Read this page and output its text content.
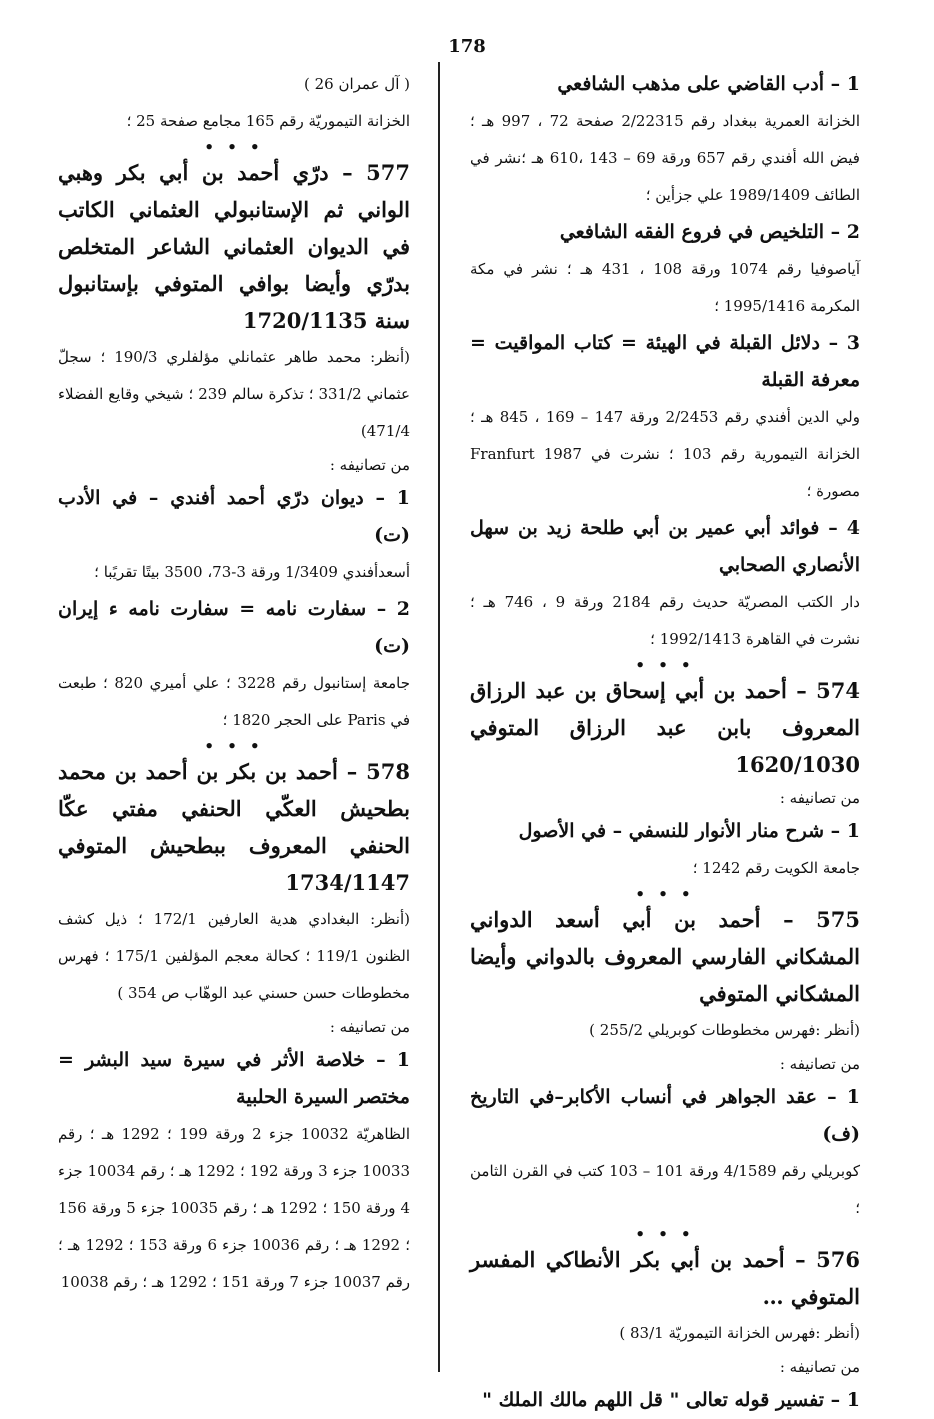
178
1 – أدب القاضي على مذهب الشافعي
الخزانة العمرية ببغداد رقم 2/22315 صفحة 72 ، 997 هـ ؛ فيض الله أفندي رقم 657 ورقة 69 – 143 ،610 هـ ؛نشر في الطائف 1989/1409 علي جزأين ؛
2 – التلخيص في فروع الفقه الشافعي
آياصوفيا رقم 1074 ورقة 108 ، 431 هـ ؛ نشر في مكة المكرمة 1995/1416 ؛
3 – دلائل القبلة في الهيئة = كتاب المواقيت = معرفة القبلة
ولي الدين أفندي رقم 2/2453 ورقة 147 – 169 ، 845 هـ ؛ الخزانة التيمورية رقم 103 ؛ نشرت في Franfurt 1987 مصورة ؛
4 – فوائد أبي عمير بن أبي طلحة زيد بن سهل الأنصاري الصحابي
دار الكتب المصريّة حديث رقم 2184 ورقة 9 ، 746 هـ ؛ نشرت في القاهرة 1992/1413 ؛
• • •
574 – أحمد بن أبي إسحاق بن عبد الرزاق المعروف بابن عبد الرزاق المتوفي 1620/1030
من تصانيفه :
1 – شرح منار الأنوار للنسفي – في الأصول
جامعة الكويت رقم 1242 ؛
• • •
575 – أحمد بن أبي أسعد الدواني المشكاني الفارسي المعروف بالدواني وأيضا المشكاني المتوفي
(أنظر :فهرس مخطوطات كوبريلي 255/2 )
من تصانيفه :
1 – عقد الجواهر في أنساب الأكابر–في التاريخ (ف)
كوبريلي رقم 4/1589 ورقة 101 – 103 كتب في القرن الثامن ؛
• • •
576 – أحمد بن أبي بكر الأنطاكي المفسر المتوفي …
(أنظر :فهرس الخزانة التيموريّة 83/1 )
من تصانيفه :
1 – تفسير قوله تعالى " قل اللهم مالك الملك "
( آل عمران 26 )
الخزانة التيموريّة رقم 165 مجامع صفحة 25 ؛
• • •
577 – درّي أحمد بن أبي بكر وهبي الواني ثم الإستانبولي العثماني الكاتب في الديوان العثماني الشاعر المتخلص بدرّي وأيضا بوافي المتوفي بإستانبول سنة 1720/1135
(أنظر: محمد طاهر عثمانلي مؤلفلري 190/3 ؛ سجلّ عثماني 331/2 ؛ تذكرة سالم 239 ؛ شيخي وقايع الفضلاء 471/4)
من تصانيفه :
1 – ديوان درّي أحمد أفندي – في الأدب (ت)
أسعدأفندي 1/3409 ورقة 3-73، 3500 بيتًا تقريًبا ؛
2 – سفارت نامه = سفارت نامه ء إيران (ت)
جامعة إستانبول رقم 3228 ؛ علي أميري 820 ؛ طبعت في Paris على الحجر 1820 ؛
• • •
578 – أحمد بن بكر بن أحمد بن محمد بطحيش العكّي الحنفي مفتي عكّا الحنفي المعروف ببطحيش المتوفي 1734/1147
(أنظر: البغدادي هدية العارفين 172/1 ؛ ذيل كشف الظنون 119/1 ؛ كحالة معجم المؤلفين 175/1 ؛ فهرس مخطوطات حسن حسني عبد الوهّاب ص 354 )
من تصانيفه :
1 – خلاصة الأثر في سيرة سيد البشر = مختصر السيرة الحلبية
الظاهريّة 10032 جزء 2 ورقة 199 ؛ 1292 هـ ؛ رقم 10033 جزء 3 ورقة 192 ؛ 1292 هـ ؛ رقم 10034 جزء 4 ورقة 150 ؛ 1292 هـ ؛ رقم 10035 جزء 5 ورقة 156 ؛ 1292 هـ ؛ رقم 10036 جزء 6 ورقة 153 ؛ 1292 هـ ؛ رقم 10037 جزء 7 ورقة 151 ؛ 1292 هـ ؛ رقم 10038
